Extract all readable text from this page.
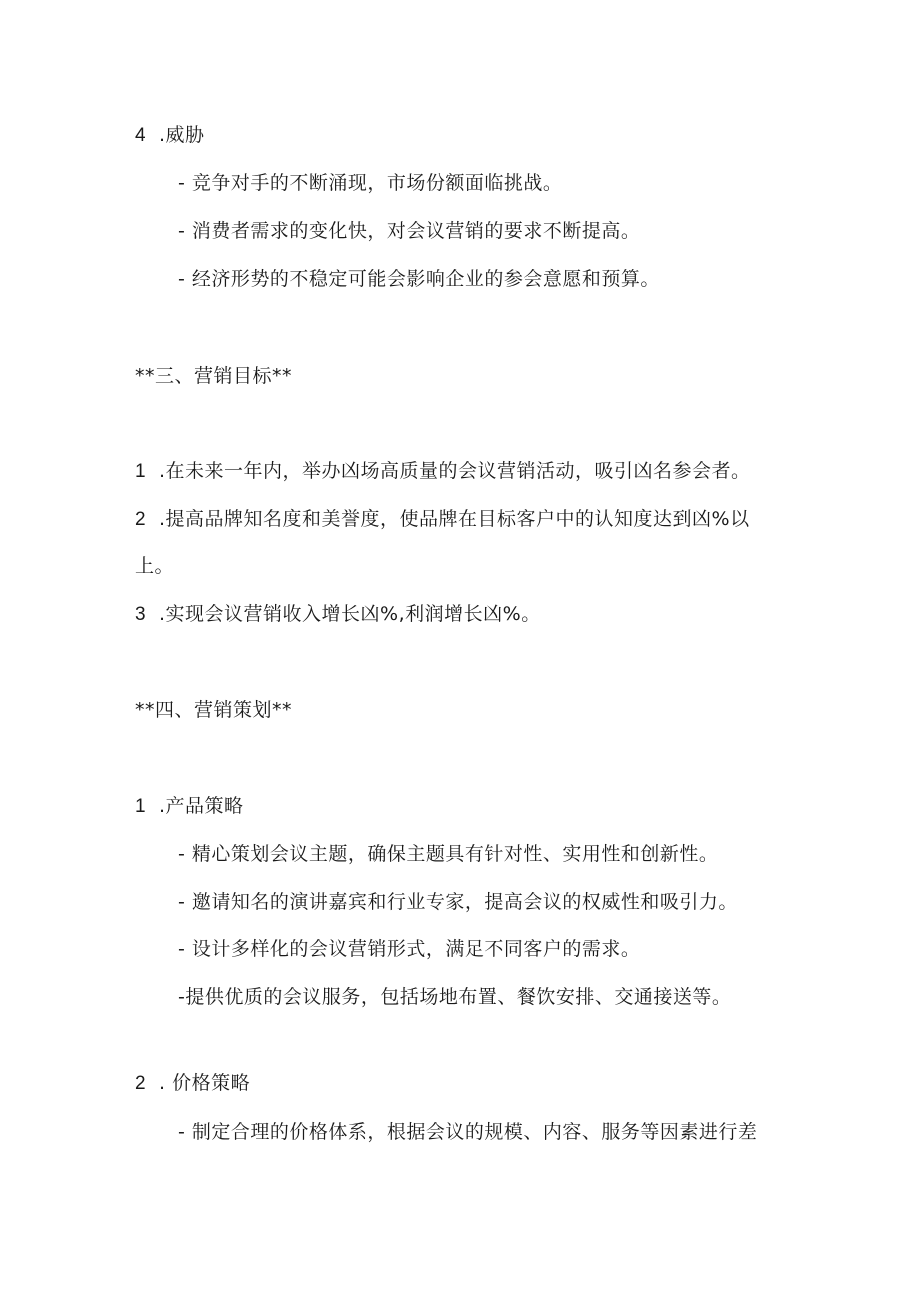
4 .威胁
- 竞争对手的不断涌现，市场份额面临挑战。
- 消费者需求的变化快，对会议营销的要求不断提高。
- 经济形势的不稳定可能会影响企业的参会意愿和预算。
**三、营销目标**
1 .在未来一年内，举办凶场高质量的会议营销活动，吸引凶名参会者。
2 .提高品牌知名度和美誉度，使品牌在目标客户中的认知度达到凶%以
上。
3 .实现会议营销收入增长凶%,利润增长凶%。
**四、营销策划**
1 .产品策略
- 精心策划会议主题，确保主题具有针对性、实用性和创新性。
- 邀请知名的演讲嘉宾和行业专家，提高会议的权威性和吸引力。
- 设计多样化的会议营销形式，满足不同客户的需求。
-提供优质的会议服务，包括场地布置、餐饮安排、交通接送等。
2 . 价格策略
- 制定合理的价格体系，根据会议的规模、内容、服务等因素进行差
